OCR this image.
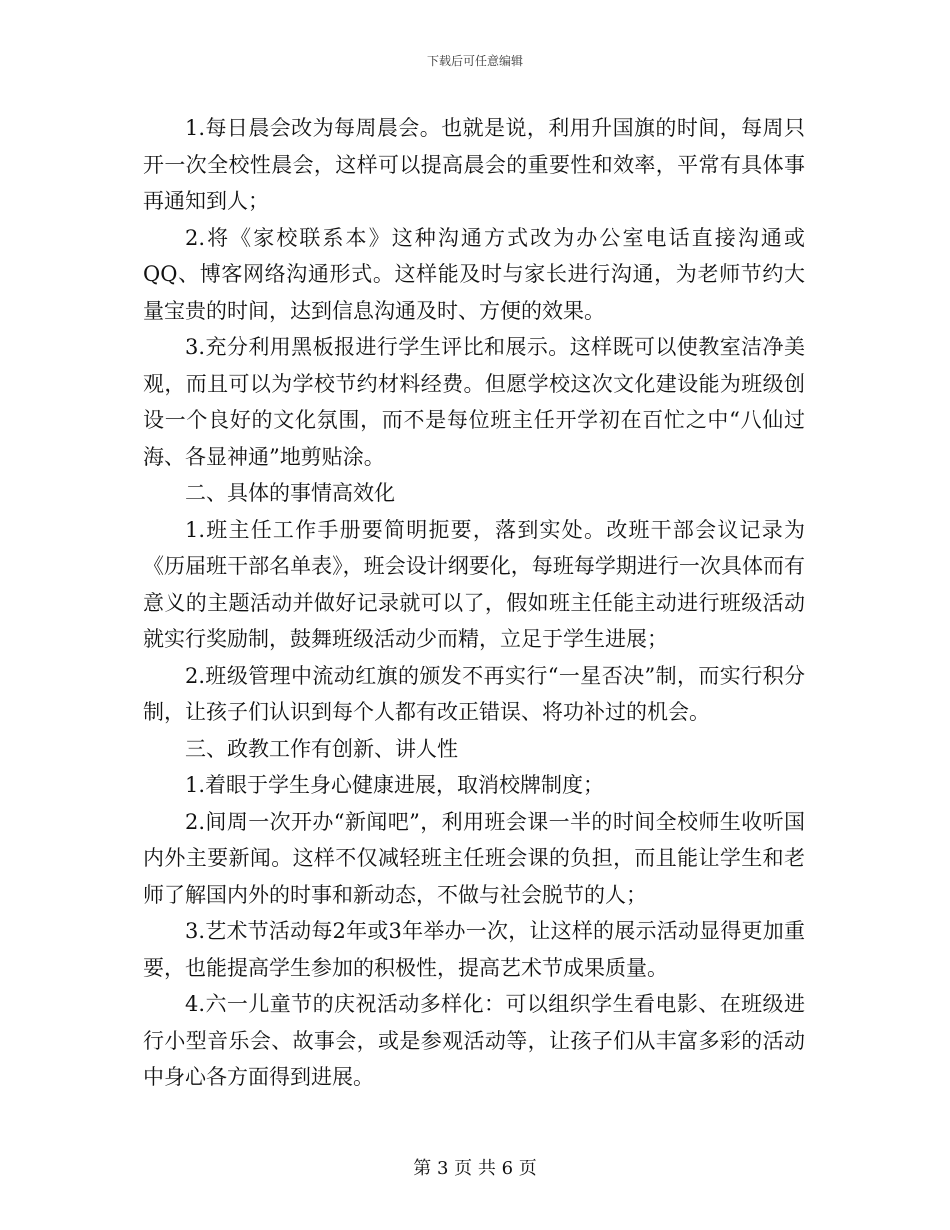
下载后可任意编辑

1.每日晨会改为每周晨会。也就是说，利用升国旗的时间，每周只开一次全校性晨会，这样可以提高晨会的重要性和效率，平常有具体事再通知到人；

2.将《家校联系本》这种沟通方式改为办公室电话直接沟通或QQ、博客网络沟通形式。这样能及时与家长进行沟通，为老师节约大量宝贵的时间，达到信息沟通及时、方便的效果。

3.充分利用黑板报进行学生评比和展示。这样既可以使教室洁净美观，而且可以为学校节约材料经费。但愿学校这次文化建设能为班级创设一个良好的文化氛围，而不是每位班主任开学初在百忙之中“八仙过海、各显神通”地剪贴涂。

二、具体的事情高效化

1.班主任工作手册要简明扼要，落到实处。改班干部会议记录为《历届班干部名单表》，班会设计纲要化，每班每学期进行一次具体而有意义的主题活动并做好记录就可以了，假如班主任能主动进行班级活动就实行奖励制，鼓舞班级活动少而精，立足于学生进展；

2.班级管理中流动红旗的颁发不再实行“一星否决”制，而实行积分制，让孩子们认识到每个人都有改正错误、将功补过的机会。

三、政教工作有创新、讲人性

1.着眼于学生身心健康进展，取消校牌制度；

2.间周一次开办“新闻吧”，利用班会课一半的时间全校师生收听国内外主要新闻。这样不仅减轻班主任班会课的负担，而且能让学生和老师了解国内外的时事和新动态，不做与社会脱节的人；

3.艺术节活动每2年或3年举办一次，让这样的展示活动显得更加重要，也能提高学生参加的积极性，提高艺术节成果质量。

4.六一儿童节的庆祝活动多样化：可以组织学生看电影、在班级进行小型音乐会、故事会，或是参观活动等，让孩子们从丰富多彩的活动中身心各方面得到进展。

第 3 页 共 6 页
